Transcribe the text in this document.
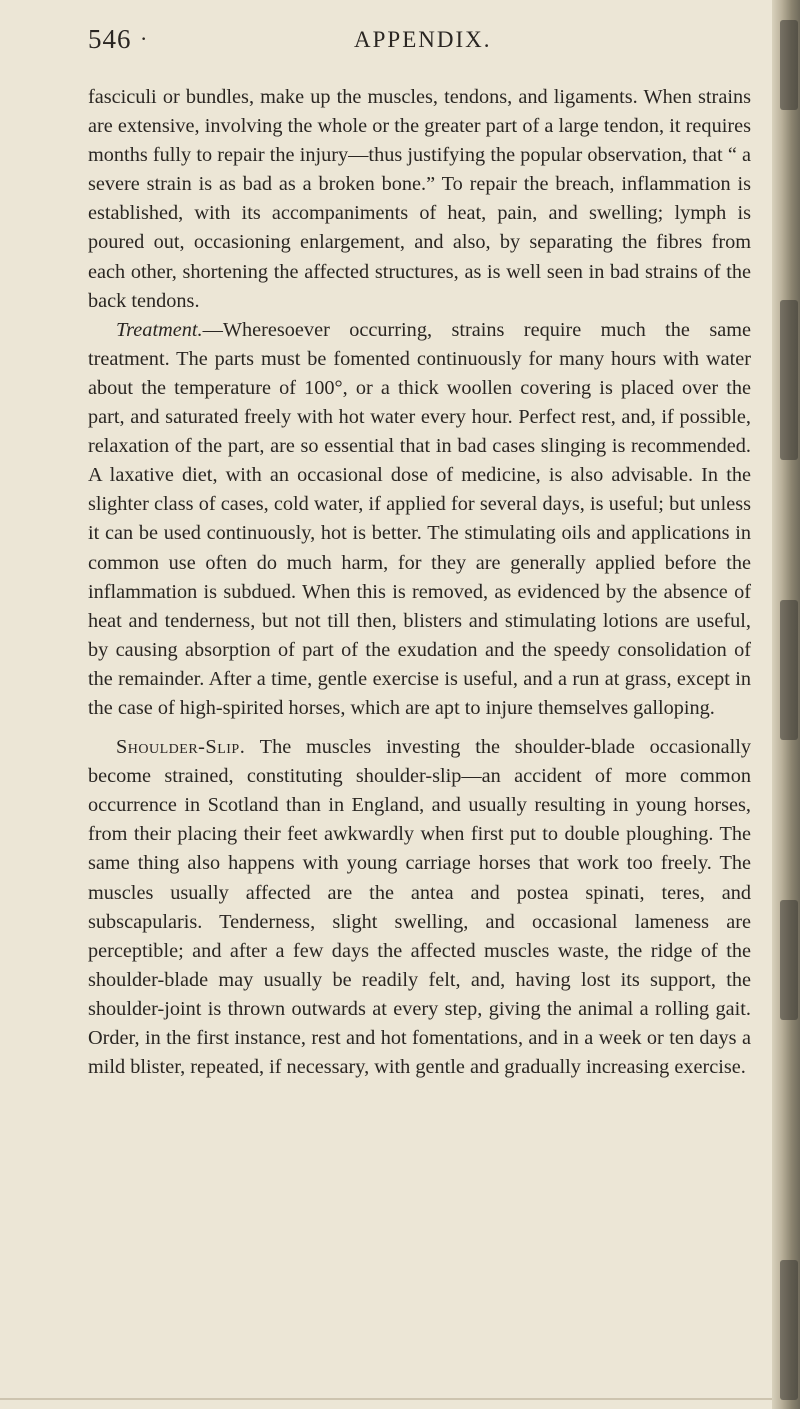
546 ·	APPENDIX.

fasciculi or bundles, make up the muscles, tendons, and ligaments. When strains are extensive, involving the whole or the greater part of a large tendon, it requires months fully to repair the injury—thus justifying the popular observation, that “ a severe strain is as bad as a broken bone.” To repair the breach, inflammation is established, with its accompaniments of heat, pain, and swelling; lymph is poured out, occasioning enlargement, and also, by separating the fibres from each other, shortening the affected structures, as is well seen in bad strains of the back tendons.

Treatment.—Wheresoever occurring, strains require much the same treatment. The parts must be fomented continuously for many hours with water about the temperature of 100°, or a thick woollen covering is placed over the part, and saturated freely with hot water every hour. Perfect rest, and, if possible, relaxation of the part, are so essential that in bad cases slinging is recommended. A laxative diet, with an occasional dose of medicine, is also advisable. In the slighter class of cases, cold water, if applied for several days, is useful; but unless it can be used continuously, hot is better. The stimulating oils and applications in common use often do much harm, for they are generally applied before the inflammation is subdued. When this is removed, as evidenced by the absence of heat and tenderness, but not till then, blisters and stimulating lotions are useful, by causing absorption of part of the exudation and the speedy consolidation of the remainder. After a time, gentle exercise is useful, and a run at grass, except in the case of high-spirited horses, which are apt to injure themselves galloping.

Shoulder-Slip. The muscles investing the shoulder-blade occasionally become strained, constituting shoulder-slip—an accident of more common occurrence in Scotland than in England, and usually resulting in young horses, from their placing their feet awkwardly when first put to double ploughing. The same thing also happens with young carriage horses that work too freely. The muscles usually affected are the antea and postea spinati, teres, and subscapularis. Tenderness, slight swelling, and occasional lameness are perceptible; and after a few days the affected muscles waste, the ridge of the shoulder-blade may usually be readily felt, and, having lost its support, the shoulder-joint is thrown outwards at every step, giving the animal a rolling gait. Order, in the first instance, rest and hot fomentations, and in a week or ten days a mild blister, repeated, if necessary, with gentle and gradually increasing exercise.
